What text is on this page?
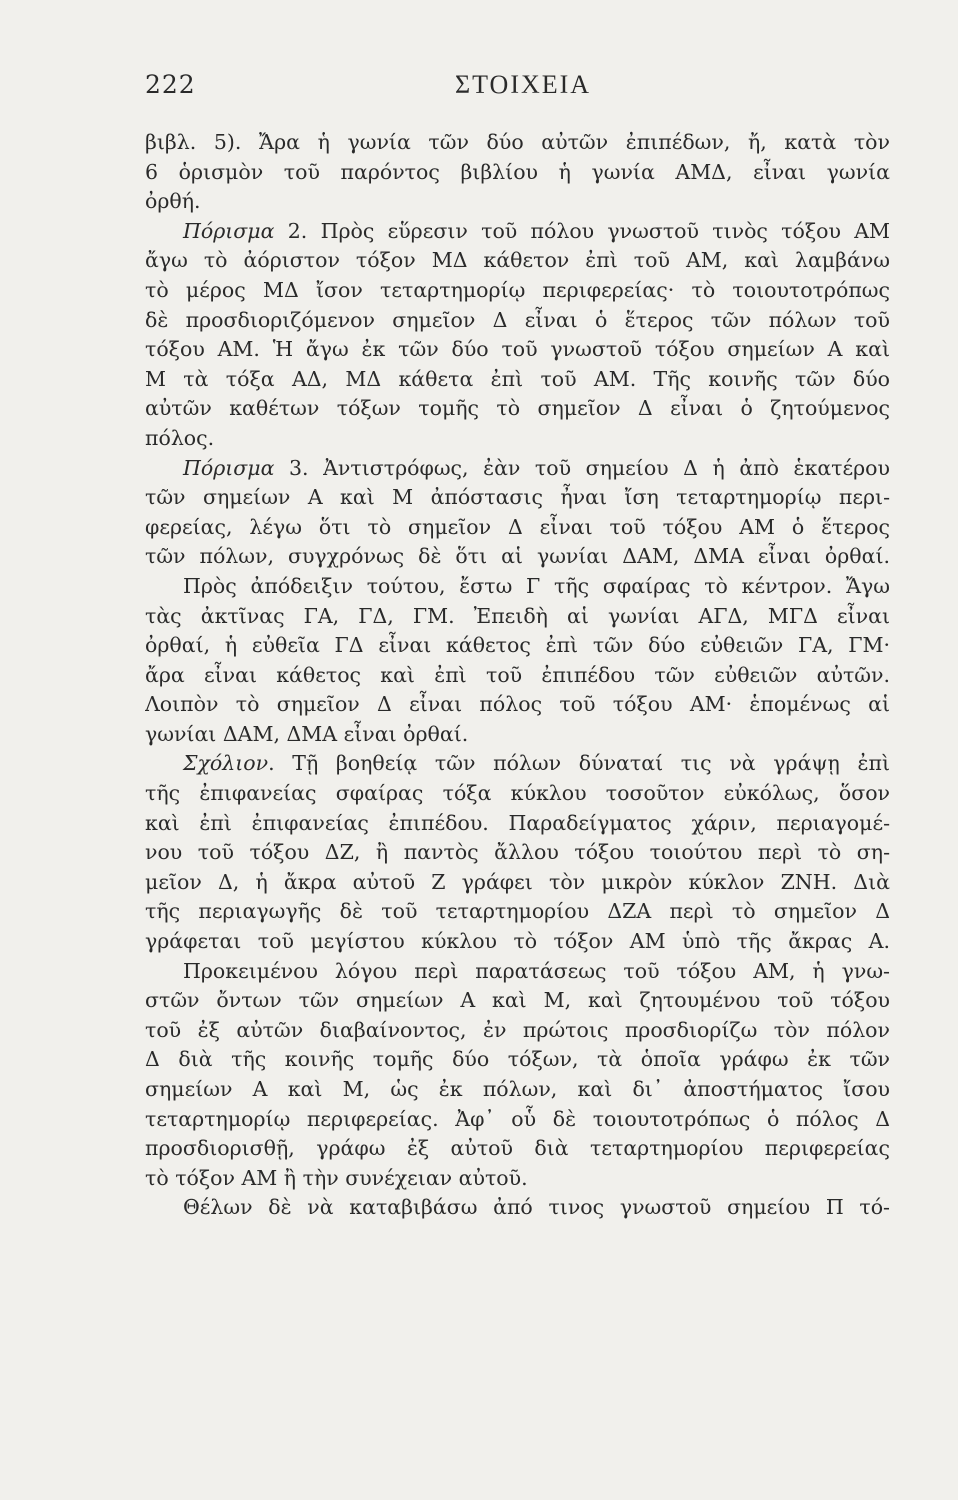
222	ΣΤΟΙΧΕΙΑ
βιβλ. 5). Ἄρα ἡ γωνία τῶν δύο αὐτῶν ἐπιπέδων, ἤ, κατὰ τὸν
6 ὁρισμὸν τοῦ παρόντος βιβλίου ἡ γωνία ΑΜΔ, εἶναι γωνία
ὀρθή.
Πόρισμα 2. Πρὸς εὕρεσιν τοῦ πόλου γνωστοῦ τινὸς τόξου ΑΜ
ἄγω τὸ ἀόριστον τόξον ΜΔ κάθετον ἐπὶ τοῦ ΑΜ, καὶ λαμβάνω
τὸ μέρος ΜΔ ἴσον τεταρτημορίῳ περιφερείας· τὸ τοιουτοτρόπως
δὲ προσδιοριζόμενον σημεῖον Δ εἶναι ὁ ἕτερος τῶν πόλων τοῦ
τόξου ΑΜ. Ἡ ἄγω ἐκ τῶν δύο τοῦ γνωστοῦ τόξου σημείων Α καὶ
Μ τὰ τόξα ΑΔ, ΜΔ κάθετα ἐπὶ τοῦ ΑΜ. Τῆς κοινῆς τῶν δύο
αὐτῶν καθέτων τόξων τομῆς τὸ σημεῖον Δ εἶναι ὁ ζητούμενος
πόλος.
Πόρισμα 3. Ἀντιστρόφως, ἐὰν τοῦ σημείου Δ ἡ ἀπὸ ἑκατέρου
τῶν σημείων Α καὶ Μ ἀπόστασις ἦναι ἴση τεταρτημορίῳ περι-
φερείας, λέγω ὅτι τὸ σημεῖον Δ εἶναι τοῦ τόξου ΑΜ ὁ ἕτερος
τῶν πόλων, συγχρόνως δὲ ὅτι αἱ γωνίαι ΔΑΜ, ΔΜΑ εἶναι ὀρθαί.
Πρὸς ἀπόδειξιν τούτου, ἔστω Γ τῆς σφαίρας τὸ κέντρον. Ἄγω
τὰς ἀκτῖνας ΓΑ, ΓΔ, ΓΜ. Ἐπειδὴ αἱ γωνίαι ΑΓΔ, ΜΓΔ εἶναι
ὀρθαί, ἡ εὐθεῖα ΓΔ εἶναι κάθετος ἐπὶ τῶν δύο εὐθειῶν ΓΑ, ΓΜ·
ἄρα εἶναι κάθετος καὶ ἐπὶ τοῦ ἐπιπέδου τῶν εὐθειῶν αὐτῶν.
Λοιπὸν τὸ σημεῖον Δ εἶναι πόλος τοῦ τόξου ΑΜ· ἑπομένως αἱ
γωνίαι ΔΑΜ, ΔΜΑ εἶναι ὀρθαί.
Σχόλιον. Τῇ βοηθείᾳ τῶν πόλων δύναταί τις νὰ γράψῃ ἐπὶ
τῆς ἐπιφανείας σφαίρας τόξα κύκλου τοσοῦτον εὐκόλως, ὅσον
καὶ ἐπὶ ἐπιφανείας ἐπιπέδου. Παραδείγματος χάριν, περιαγομέ-
νου τοῦ τόξου ΔΖ, ἢ παντὸς ἄλλου τόξου τοιούτου περὶ τὸ ση-
μεῖον Δ, ἡ ἄκρα αὐτοῦ Ζ γράφει τὸν μικρὸν κύκλον ΖΝΗ. Διὰ
τῆς περιαγωγῆς δὲ τοῦ τεταρτημορίου ΔΖΑ περὶ τὸ σημεῖον Δ
γράφεται τοῦ μεγίστου κύκλου τὸ τόξον ΑΜ ὑπὸ τῆς ἄκρας Α.
Προκειμένου λόγου περὶ παρατάσεως τοῦ τόξου ΑΜ, ἡ γνω-
στῶν ὄντων τῶν σημείων Α καὶ Μ, καὶ ζητουμένου τοῦ τόξου
τοῦ ἐξ αὐτῶν διαβαίνοντος, ἐν πρώτοις προσδιορίζω τὸν πόλον
Δ διὰ τῆς κοινῆς τομῆς δύο τόξων, τὰ ὁποῖα γράφω ἐκ τῶν
σημείων Α καὶ Μ, ὡς ἐκ πόλων, καὶ δι᾽ ἀποστήματος ἴσου
τεταρτημορίῳ περιφερείας. Ἀφ᾽ οὗ δὲ τοιουτοτρόπως ὁ πόλος Δ
προσδιορισθῇ, γράφω ἐξ αὐτοῦ διὰ τεταρτημορίου περιφερείας
τὸ τόξον ΑΜ ἢ τὴν συνέχειαν αὐτοῦ.
Θέλων δὲ νὰ καταβιβάσω ἀπό τινος γνωστοῦ σημείου Π τό-
